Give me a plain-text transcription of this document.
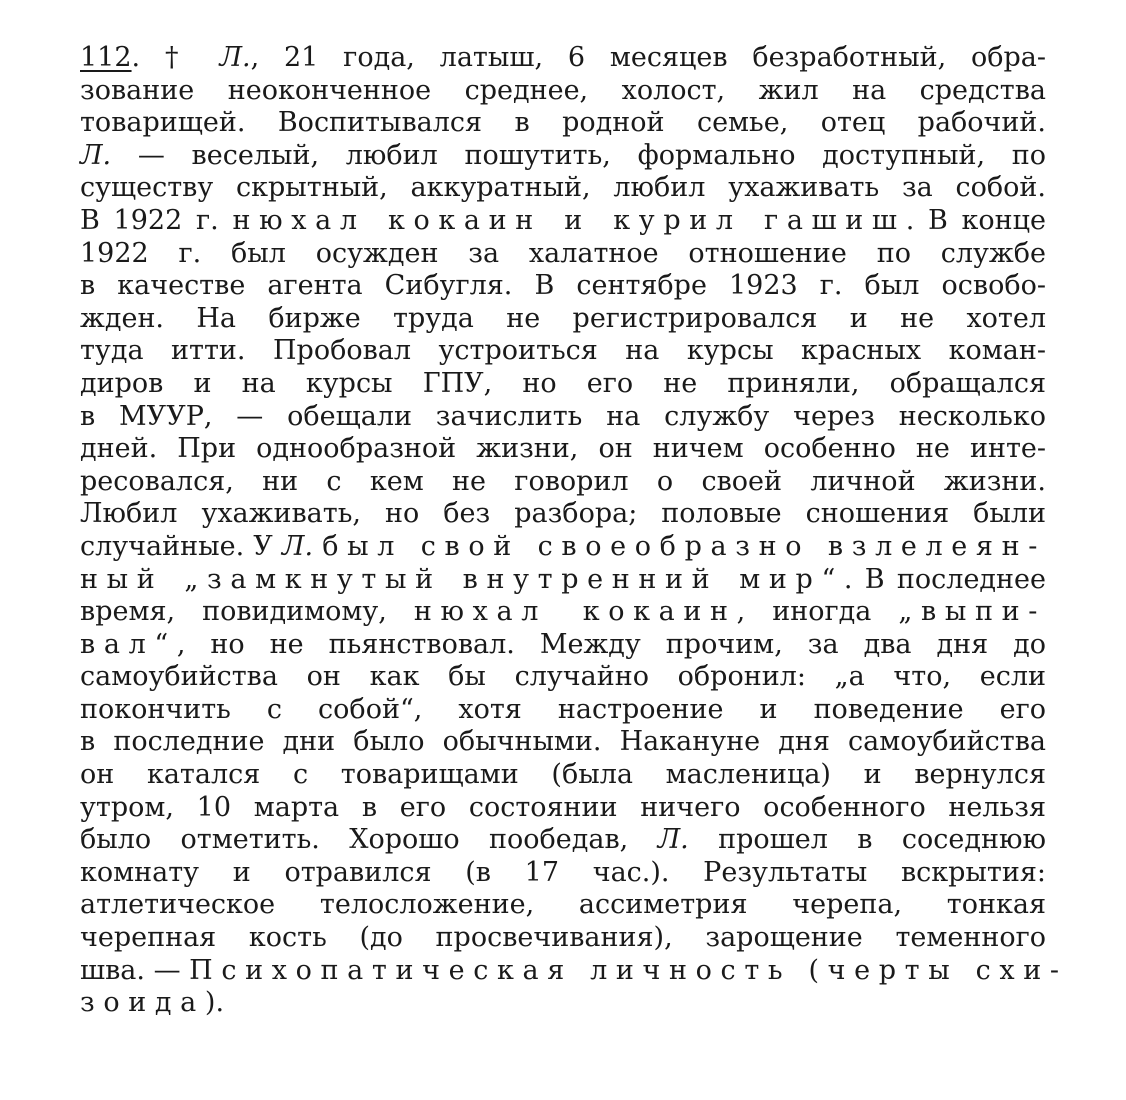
112. † Л., 21 года, латыш, 6 месяцев безработный, обра-
зование неоконченное среднее, холост, жил на средства
товарищей. Воспитывался в родной семье, отец рабочий.
Л. — веселый, любил пошутить, формально доступный, по
существу скрытный, аккуратный, любил ухаживать за собой.
В 1922 г. нюхал кокаин и курил гашиш. В конце
1922 г. был осужден за халатное отношение по службе
в качестве агента Сибугля. В сентябре 1923 г. был освобо-
жден. На бирже труда не регистрировался и не хотел
туда итти. Пробовал устроиться на курсы красных коман-
диров и на курсы ГПУ, но его не приняли, обращался
в МУУР, — обещали зачислить на службу через несколько
дней. При однообразной жизни, он ничем особенно не инте-
ресовался, ни с кем не говорил о своей личной жизни.
Любил ухаживать, но без разбора; половые сношения были
случайные. У Л. был свой своеобразно взлелеян-
ный „замкнутый внутренний мир“. В последнее
время, повидимому, нюхал кокаин, иногда „выпи-
вал“, но не пьянствовал. Между прочим, за два дня до
самоубийства он как бы случайно обронил: „а что, если
покончить с собой“, хотя настроение и поведение его
в последние дни было обычными. Накануне дня самоубийства
он катался с товарищами (была масленица) и вернулся
утром, 10 марта в его состоянии ничего особенного нельзя
было отметить. Хорошо пообедав, Л. прошел в соседнюю
комнату и отравился (в 17 час.). Результаты вскрытия:
атлетическое телосложение, ассиметрия черепа, тонкая
черепная кость (до просвечивания), зарощение теменного
шва. — Психопатическая личность (черты схи-
зоида).
